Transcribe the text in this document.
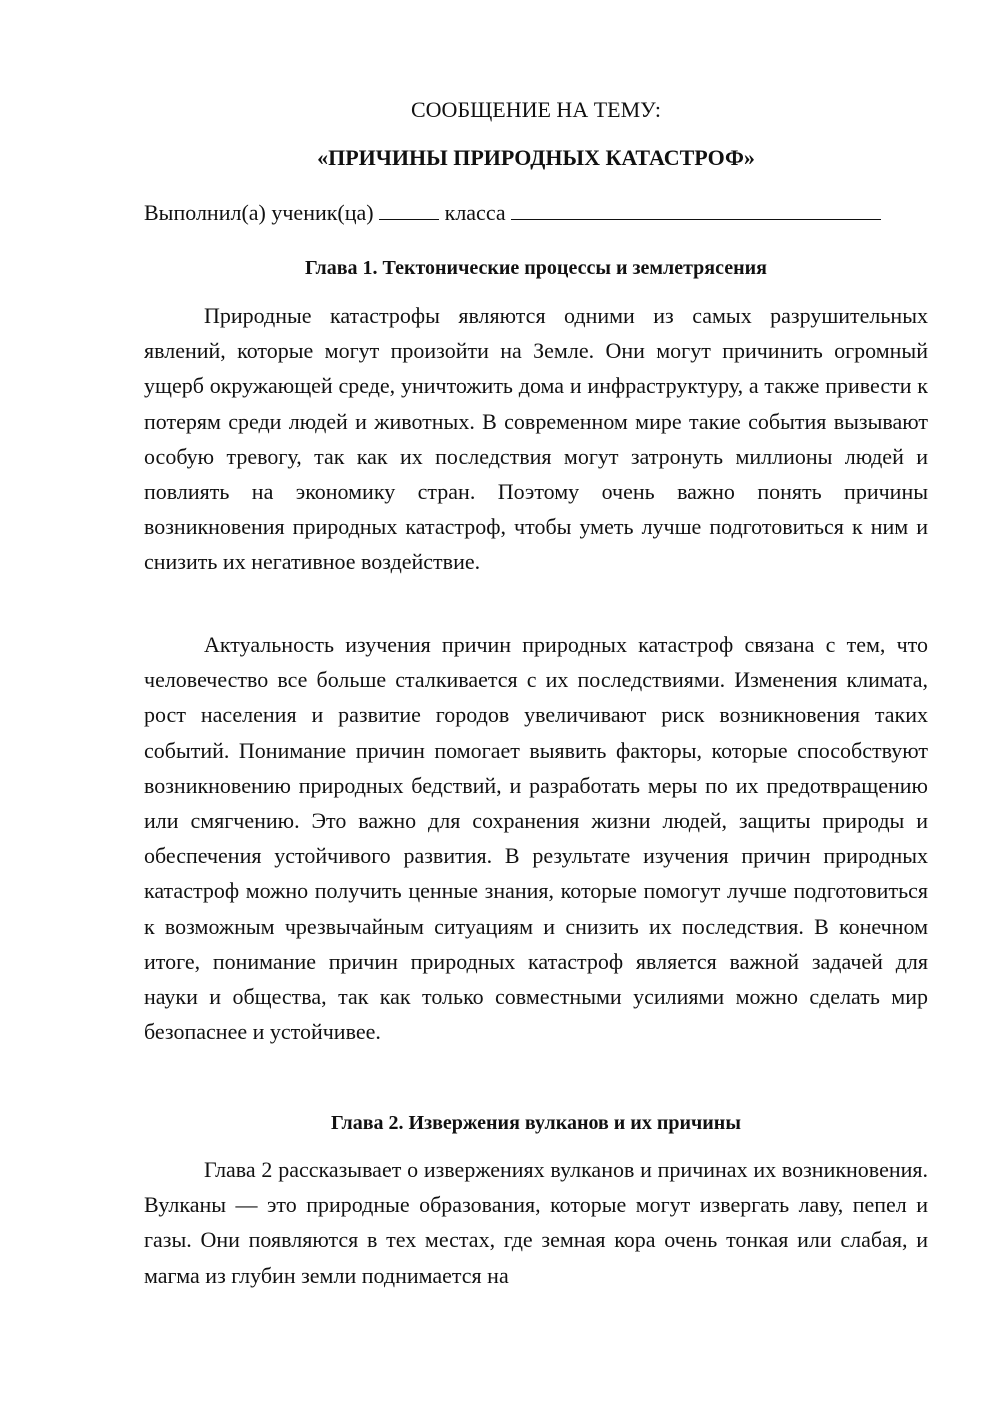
СООБЩЕНИЕ НА ТЕМУ:
«ПРИЧИНЫ ПРИРОДНЫХ КАТАСТРОФ»
Выполнил(а) ученик(ца)	класса
Глава 1. Тектонические процессы и землетрясения

Природные катастрофы являются одними из самых разрушительных явлений, которые могут произойти на Земле. Они могут причинить огромный ущерб окружающей среде, уничтожить дома и инфраструктуру, а также привести к потерям среди людей и животных. В современном мире такие события вызывают особую тревогу, так как их последствия могут затронуть миллионы людей и повлиять на экономику стран. Поэтому очень важно понять причины возникновения природных катастроф, чтобы уметь лучше подготовиться к ним и снизить их негативное воздействие.

Актуальность изучения причин природных катастроф связана с тем, что человечество все больше сталкивается с их последствиями. Изменения климата, рост населения и развитие городов увеличивают риск возникновения таких событий. Понимание причин помогает выявить факторы, которые способствуют возникновению природных бедствий, и разработать меры по их предотвращению или смягчению. Это важно для сохранения жизни людей, защиты природы и обеспечения устойчивого развития. В результате изучения причин природных катастроф можно получить ценные знания, которые помогут лучше подготовиться к возможным чрезвычайным ситуациям и снизить их последствия. В конечном итоге, понимание причин природных катастроф является важной задачей для науки и общества, так как только совместными усилиями можно сделать мир безопаснее и устойчивее.

Глава 2. Извержения вулканов и их причины

Глава 2 рассказывает о извержениях вулканов и причинах их возникновения. Вулканы — это природные образования, которые могут извергать лаву, пепел и газы. Они появляются в тех местах, где земная кора очень тонкая или слабая, и магма из глубин земли поднимается на
